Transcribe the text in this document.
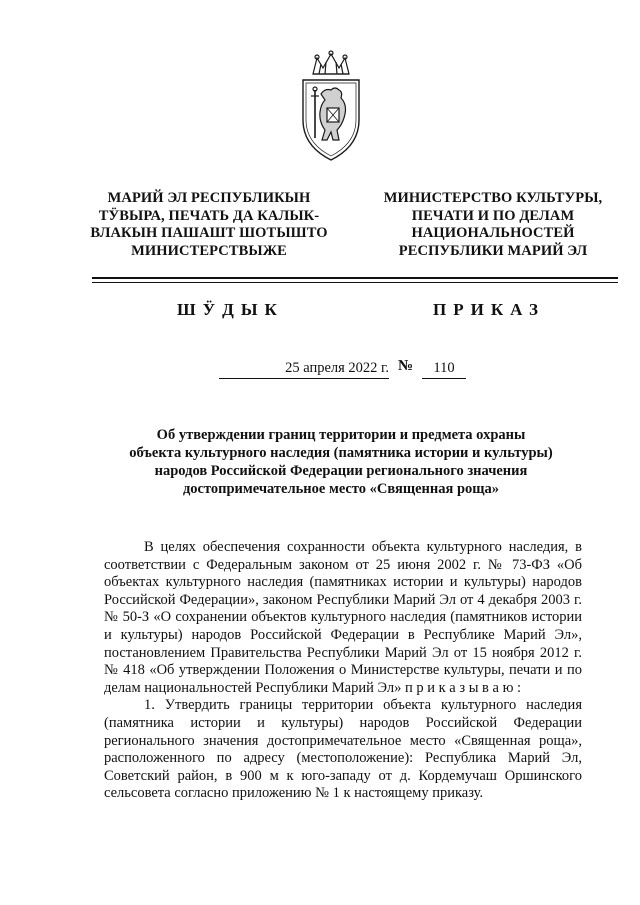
МАРИЙ ЭЛ РЕСПУБЛИКЫН
ТӰВЫРА, ПЕЧАТЬ ДА КАЛЫК-
ВЛАКЫН ПАШАШТ ШОТЫШТО
МИНИСТЕРСТВЫЖЕ
МИНИСТЕРСТВО КУЛЬТУРЫ,
ПЕЧАТИ И ПО ДЕЛАМ
НАЦИОНАЛЬНОСТЕЙ
РЕСПУБЛИКИ МАРИЙ ЭЛ
ШӰДЫК	ПРИКАЗ
25 апреля 2022 г. №	110
Об утверждении границ территории и предмета охраны
объекта культурного наследия (памятника истории и культуры)
народов Российской Федерации регионального значения
достопримечательное место «Священная роща»

В целях обеспечения сохранности объекта культурного наследия, в соответствии с Федеральным законом от 25 июня 2002 г. № 73-ФЗ «Об объектах культурного наследия (памятниках истории и культуры) народов Российской Федерации», законом Республики Марий Эл от 4 декабря 2003 г. № 50-З «О сохранении объектов культурного наследия (памятников истории и культуры) народов Российской Федерации в Республике Марий Эл», постановлением Правительства Республики Марий Эл от 15 ноября 2012 г. № 418 «Об утверждении Положения о Министерстве культуры, печати и по делам национальностей Республики Марий Эл» п р и к а з ы в а ю :

1. Утвердить границы территории объекта культурного наследия (памятника истории и культуры) народов Российской Федерации регионального значения достопримечательное место «Священная роща», расположенного по адресу (местоположение): Республика Марий Эл, Советский район, в 900 м к юго-западу от д. Кордемучаш Оршинского сельсовета согласно приложению № 1 к настоящему приказу.
